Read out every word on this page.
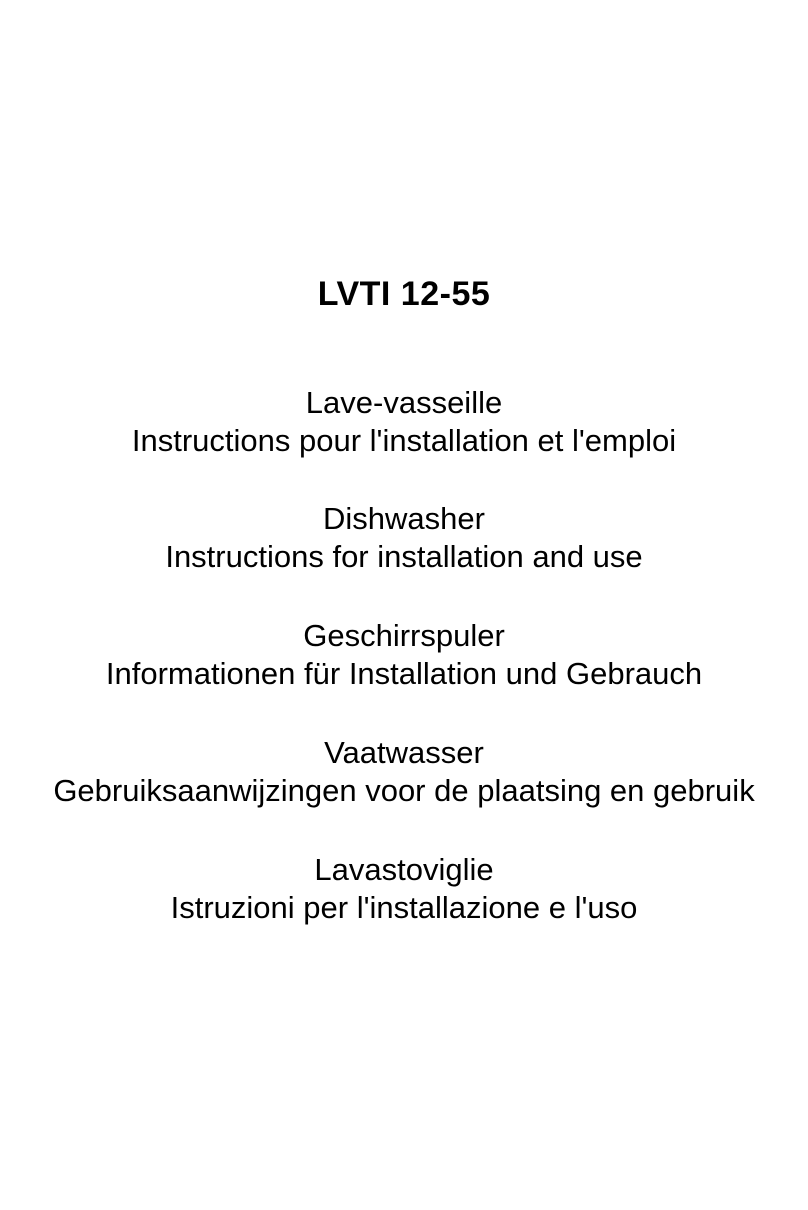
LVTI 12-55
Lave-vasseille
Instructions pour l'installation et l'emploi
Dishwasher
Instructions for installation and use
Geschirrspuler
Informationen für Installation und Gebrauch
Vaatwasser
Gebruiksaanwijzingen voor de plaatsing en gebruik
Lavastoviglie
Istruzioni per l'installazione e l'uso
